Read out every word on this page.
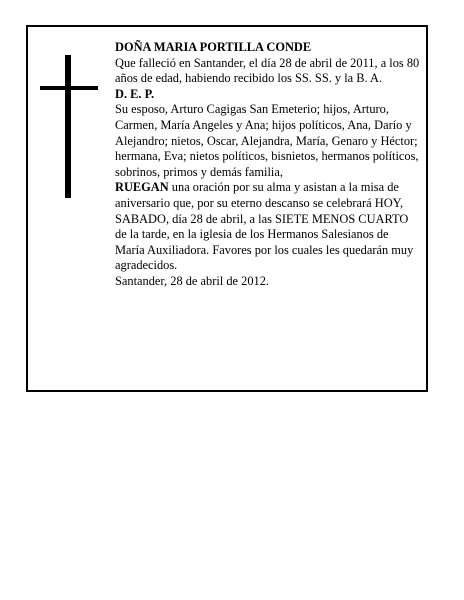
DOÑA MARIA PORTILLA CONDE

Que falleció en Santander, el día 28 de abril de 2011, a los 80 años de edad, habiendo recibido los SS. SS. y la B. A.

D. E. P.

Su esposo, Arturo Cagigas San Emeterio; hijos, Arturo, Carmen, María Angeles y Ana; hijos políticos, Ana, Darío y Alejandro; nietos, Oscar, Alejandra, María, Genaro y Héctor; hermana, Eva; nietos políticos, bisnietos, hermanos políticos, sobrinos, primos y demás familia,

RUEGAN una oración por su alma y asistan a la misa de aniversario que, por su eterno descanso se celebrará HOY, SABADO, día 28 de abril, a las SIETE MENOS CUARTO de la tarde, en la iglesia de los Hermanos Salesianos de María Auxiliadora. Favores por los cuales les quedarán muy agradecidos.

Santander, 28 de abril de 2012.
